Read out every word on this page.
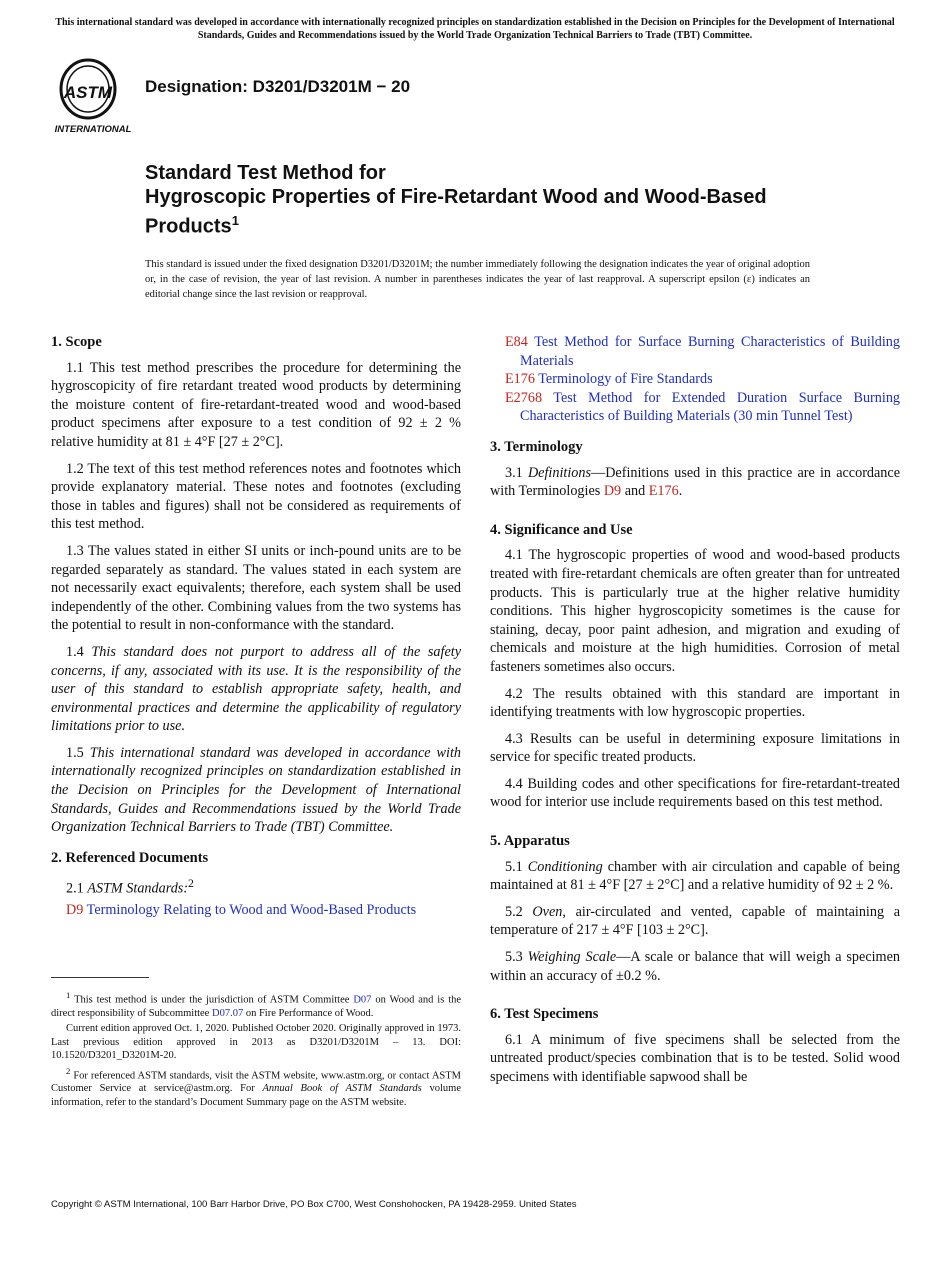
This international standard was developed in accordance with internationally recognized principles on standardization established in the Decision on Principles for the Development of International Standards, Guides and Recommendations issued by the World Trade Organization Technical Barriers to Trade (TBT) Committee.
ASTM
INTERNATIONAL
Designation: D3201/D3201M − 20
Standard Test Method for
Hygroscopic Properties of Fire-Retardant Wood and Wood-Based Products$^1$
This standard is issued under the fixed designation D3201/D3201M; the number immediately following the designation indicates the year of original adoption or, in the case of revision, the year of last revision. A number in parentheses indicates the year of last reapproval. A superscript epsilon (ε) indicates an editorial change since the last revision or reapproval.
1. Scope

1.1 This test method prescribes the procedure for determining the hygroscopicity of fire retardant treated wood products by determining the moisture content of fire-retardant-treated wood and wood-based product specimens after exposure to a test condition of 92 ± 2 % relative humidity at 81 ± 4°F [27 ± 2°C].

1.2 The text of this test method references notes and footnotes which provide explanatory material. These notes and footnotes (excluding those in tables and figures) shall not be considered as requirements of this test method.

1.3 The values stated in either SI units or inch-pound units are to be regarded separately as standard. The values stated in each system are not necessarily exact equivalents; therefore, each system shall be used independently of the other. Combining values from the two systems has the potential to result in non-conformance with the standard.

1.4 This standard does not purport to address all of the safety concerns, if any, associated with its use. It is the responsibility of the user of this standard to establish appropriate safety, health, and environmental practices and determine the applicability of regulatory limitations prior to use.

1.5 This international standard was developed in accordance with internationally recognized principles on standardization established in the Decision on Principles for the Development of International Standards, Guides and Recommendations issued by the World Trade Organization Technical Barriers to Trade (TBT) Committee.

2. Referenced Documents

2.1 ASTM Standards:$^2$

D9 Terminology Relating to Wood and Wood-Based Products

$^1$ This test method is under the jurisdiction of ASTM Committee D07 on Wood and is the direct responsibility of Subcommittee D07.07 on Fire Performance of Wood.

Current edition approved Oct. 1, 2020. Published October 2020. Originally approved in 1973. Last previous edition approved in 2013 as D3201/D3201M – 13. DOI: 10.1520/D3201_D3201M-20.

$^2$ For referenced ASTM standards, visit the ASTM website, www.astm.org, or contact ASTM Customer Service at service@astm.org. For Annual Book of ASTM Standards volume information, refer to the standard’s Document Summary page on the ASTM website.

E84 Test Method for Surface Burning Characteristics of Building Materials
E176 Terminology of Fire Standards
E2768 Test Method for Extended Duration Surface Burning Characteristics of Building Materials (30 min Tunnel Test)
3. Terminology

3.1 Definitions—Definitions used in this practice are in accordance with Terminologies D9 and E176.

4. Significance and Use

4.1 The hygroscopic properties of wood and wood-based products treated with fire-retardant chemicals are often greater than for untreated products. This is particularly true at the higher relative humidity conditions. This higher hygroscopicity sometimes is the cause for staining, decay, poor paint adhesion, and migration and exuding of chemicals and moisture at the high humidities. Corrosion of metal fasteners sometimes also occurs.

4.2 The results obtained with this standard are important in identifying treatments with low hygroscopic properties.

4.3 Results can be useful in determining exposure limitations in service for specific treated products.

4.4 Building codes and other specifications for fire-retardant-treated wood for interior use include requirements based on this test method.

5. Apparatus

5.1 Conditioning chamber with air circulation and capable of being maintained at 81 ± 4°F [27 ± 2°C] and a relative humidity of 92 ± 2 %.

5.2 Oven, air-circulated and vented, capable of maintaining a temperature of 217 ± 4°F [103 ± 2°C].

5.3 Weighing Scale—A scale or balance that will weigh a specimen within an accuracy of ±0.2 %.

6. Test Specimens

6.1 A minimum of five specimens shall be selected from the untreated product/species combination that is to be tested. Solid wood specimens with identifiable sapwood shall be

Copyright © ASTM International, 100 Barr Harbor Drive, PO Box C700, West Conshohocken, PA 19428-2959. United States
